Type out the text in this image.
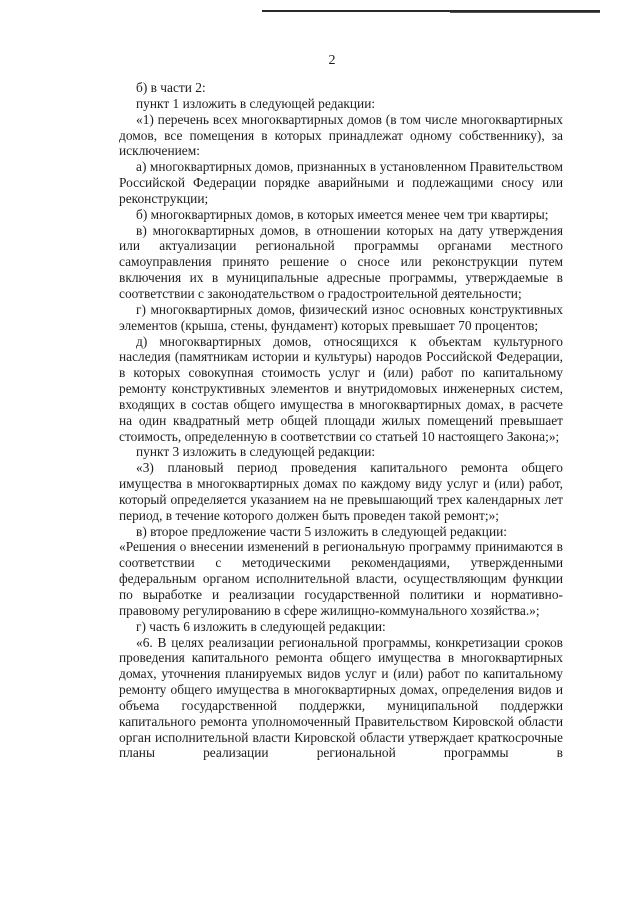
2

б) в части 2:

пункт 1 изложить в следующей редакции:

«1) перечень всех многоквартирных домов (в том числе многоквартирных домов, все помещения в которых принадлежат одному собственнику), за исключением:

а) многоквартирных домов, признанных в установленном Правительством Российской Федерации порядке аварийными и подлежащими сносу или реконструкции;

б) многоквартирных домов, в которых имеется менее чем три квартиры;

в) многоквартирных домов, в отношении которых на дату утверждения или актуализации региональной программы органами местного самоуправления принято решение о сносе или реконструкции путем включения их в муниципальные адресные программы, утверждаемые в соответствии с законодательством о градостроительной деятельности;

г) многоквартирных домов, физический износ основных конструктивных элементов (крыша, стены, фундамент) которых превышает 70 процентов;

д) многоквартирных домов, относящихся к объектам культурного наследия (памятникам истории и культуры) народов Российской Федерации, в которых совокупная стоимость услуг и (или) работ по капитальному ремонту конструктивных элементов и внутридомовых инженерных систем, входящих в состав общего имущества в многоквартирных домах, в расчете на один квадратный метр общей площади жилых помещений превышает стоимость, определенную в соответствии со статьей 10 настоящего Закона;»;

пункт 3 изложить в следующей редакции:

«3) плановый период проведения капитального ремонта общего имущества в многоквартирных домах по каждому виду услуг и (или) работ, который определяется указанием на не превышающий трех календарных лет период, в течение которого должен быть проведен такой ремонт;»;

в) второе предложение части 5 изложить в следующей редакции:

«Решения о внесении изменений в региональную программу принимаются в соответствии с методическими рекомендациями, утвержденными федеральным органом исполнительной власти, осуществляющим функции по выработке и реализации государственной политики и нормативно-правовому регулированию в сфере жилищно-коммунального хозяйства.»;

г) часть 6 изложить в следующей редакции:

«6. В целях реализации региональной программы, конкретизации сроков проведения капитального ремонта общего имущества в многоквартирных домах, уточнения планируемых видов услуг и (или) работ по капитальному ремонту общего имущества в многоквартирных домах, определения видов и объема государственной поддержки, муниципальной поддержки капитального ремонта уполномоченный Правительством Кировской области орган исполнительной власти Кировской области утверждает краткосрочные планы реализации региональной программы в
